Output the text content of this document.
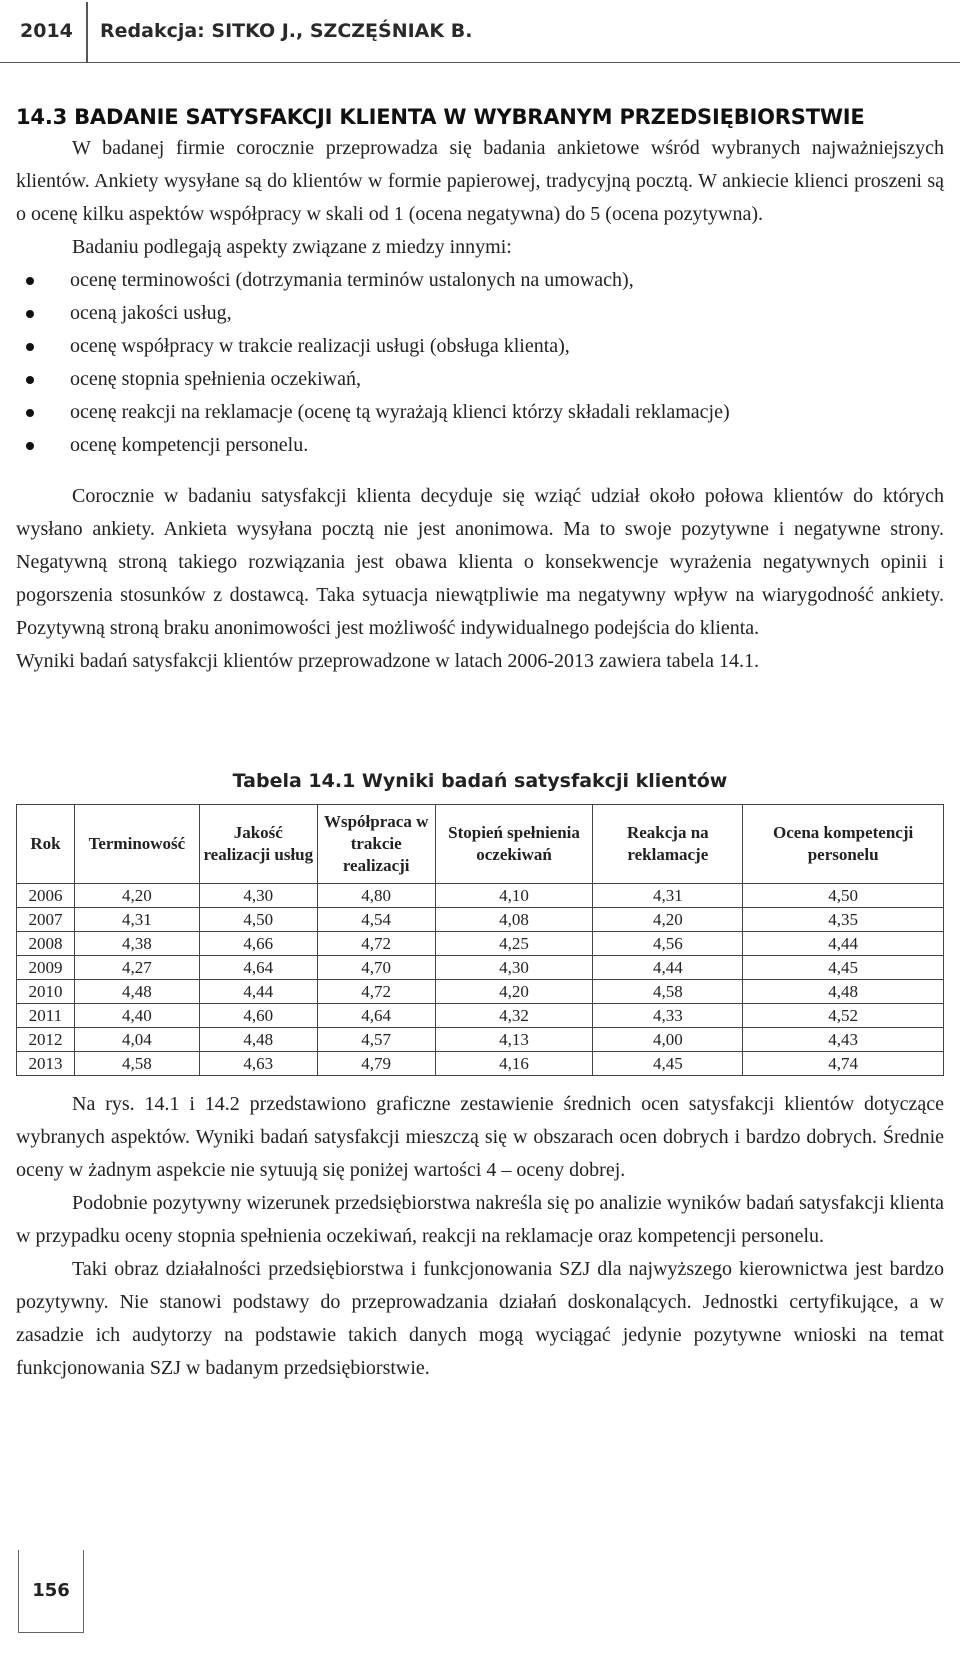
2014 Redakcja: SITKO J., SZCZĘŚNIAK B.
14.3 BADANIE SATYSFAKCJI KLIENTA W WYBRANYM PRZEDSIĘBIORSTWIE

W badanej firmie corocznie przeprowadza się badania ankietowe wśród wybranych najważniejszych klientów. Ankiety wysyłane są do klientów w formie papierowej, tradycyjną pocztą. W ankiecie klienci proszeni są o ocenę kilku aspektów współpracy w skali od 1 (ocena negatywna) do 5 (ocena pozytywna).

Badaniu podlegają aspekty związane z miedzy innymi:

ocenę terminowości (dotrzymania terminów ustalonych na umowach),
oceną jakości usług,
ocenę współpracy w trakcie realizacji usługi (obsługa klienta),
ocenę stopnia spełnienia oczekiwań,
ocenę reakcji na reklamacje (ocenę tą wyrażają klienci którzy składali reklamacje)
ocenę kompetencji personelu.

Corocznie w badaniu satysfakcji klienta decyduje się wziąć udział około połowa klientów do których wysłano ankiety. Ankieta wysyłana pocztą nie jest anonimowa. Ma to swoje pozytywne i negatywne strony. Negatywną stroną takiego rozwiązania jest obawa klienta o konsekwencje wyrażenia negatywnych opinii i pogorszenia stosunków z dostawcą. Taka sytuacja niewątpliwie ma negatywny wpływ na wiarygodność ankiety. Pozytywną stroną braku anonimowości jest możliwość indywidualnego podejścia do klienta.

Wyniki badań satysfakcji klientów przeprowadzone w latach 2006-2013 zawiera tabela 14.1.

Tabela 14.1 Wyniki badań satysfakcji klientów
Rok	Terminowość	Jakość realizacji usług	Współpraca w trakcie realizacji	Stopień spełnienia oczekiwań	Reakcja na reklamacje	Ocena kompetencji personelu
2006	4,20	4,30	4,80	4,10	4,31	4,50
2007	4,31	4,50	4,54	4,08	4,20	4,35
2008	4,38	4,66	4,72	4,25	4,56	4,44
2009	4,27	4,64	4,70	4,30	4,44	4,45
2010	4,48	4,44	4,72	4,20	4,58	4,48
2011	4,40	4,60	4,64	4,32	4,33	4,52
2012	4,04	4,48	4,57	4,13	4,00	4,43
2013	4,58	4,63	4,79	4,16	4,45	4,74

Na rys. 14.1 i 14.2 przedstawiono graficzne zestawienie średnich ocen satysfakcji klientów dotyczące wybranych aspektów. Wyniki badań satysfakcji mieszczą się w obszarach ocen dobrych i bardzo dobrych. Średnie oceny w żadnym aspekcie nie sytuują się poniżej wartości 4 – oceny dobrej.

Podobnie pozytywny wizerunek przedsiębiorstwa nakreśla się po analizie wyników badań satysfakcji klienta w przypadku oceny stopnia spełnienia oczekiwań, reakcji na reklamacje oraz kompetencji personelu.

Taki obraz działalności przedsiębiorstwa i funkcjonowania SZJ dla najwyższego kierownictwa jest bardzo pozytywny. Nie stanowi podstawy do przeprowadzania działań doskonalących. Jednostki certyfikujące, a w zasadzie ich audytorzy na podstawie takich danych mogą wyciągać jedynie pozytywne wnioski na temat funkcjonowania SZJ w badanym przedsiębiorstwie.

156
